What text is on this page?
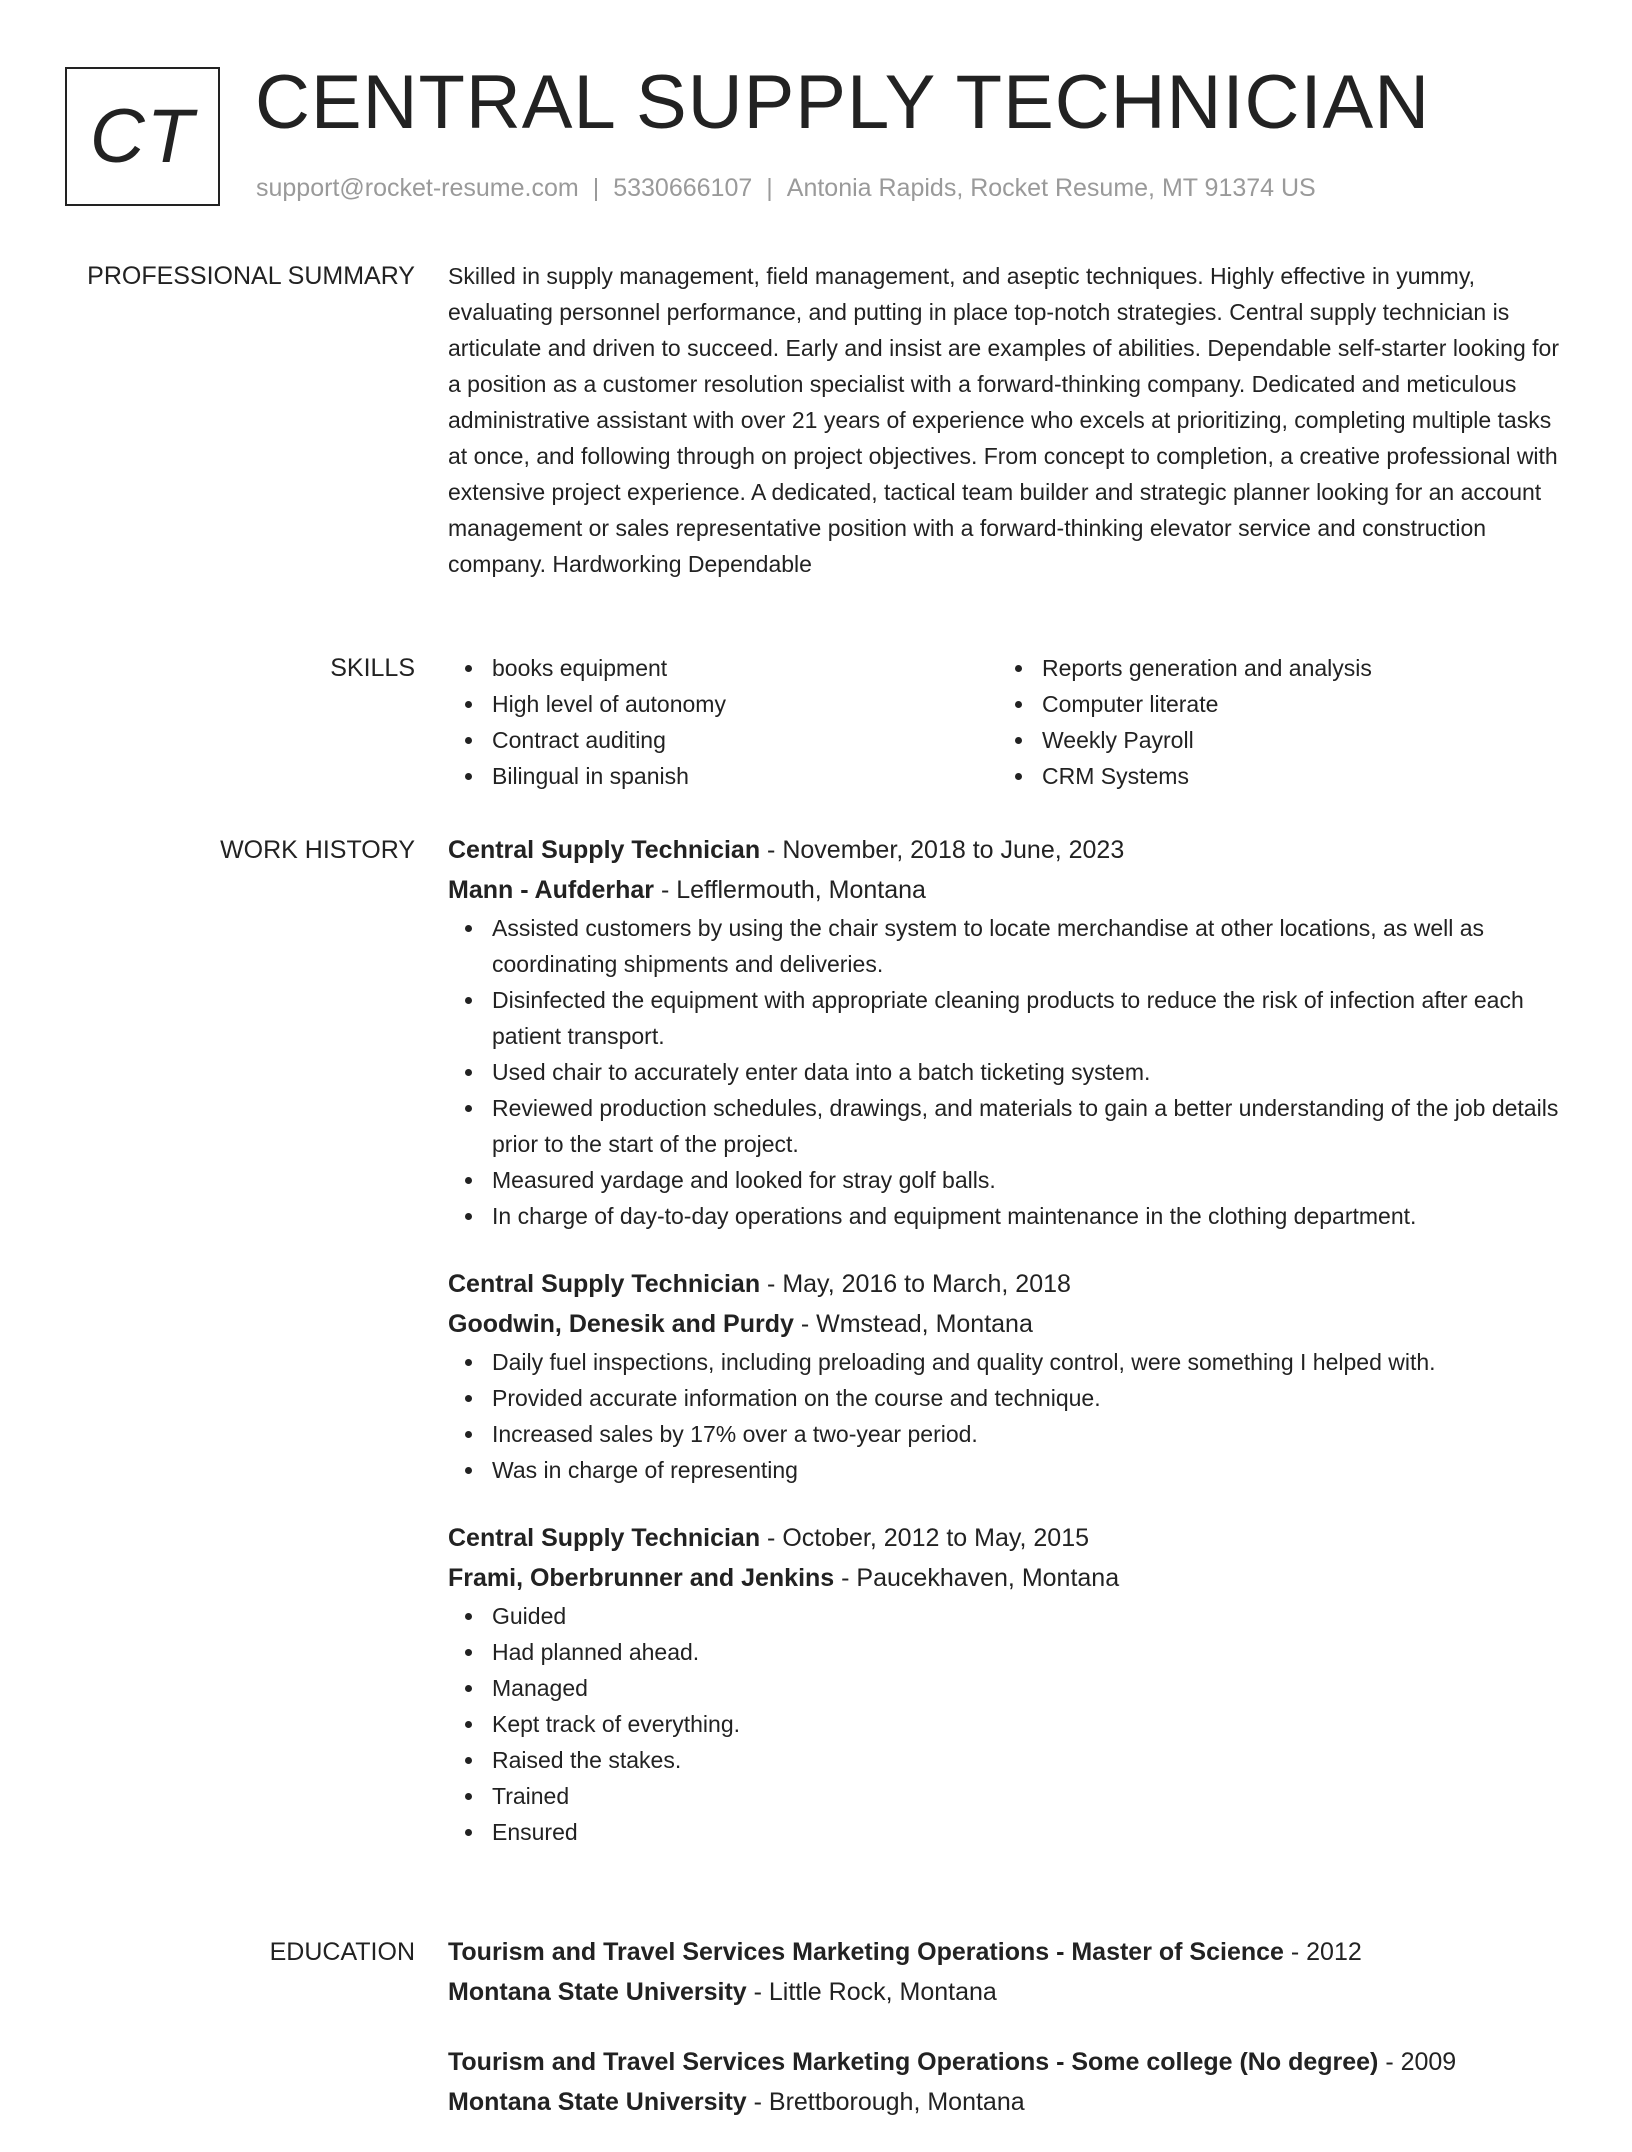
CT CENTRAL SUPPLY TECHNICIAN
support@rocket-resume.com | 5330666107 | Antonia Rapids, Rocket Resume, MT 91374 US
PROFESSIONAL SUMMARY Skilled in supply management, field management, and aseptic techniques. Highly effective in yummy, evaluating personnel performance, and putting in place top-notch strategies. Central supply technician is articulate and driven to succeed. Early and insist are examples of abilities. Dependable self-starter looking for a position as a customer resolution specialist with a forward-thinking company. Dedicated and meticulous administrative assistant with over 21 years of experience who excels at prioritizing, completing multiple tasks at once, and following through on project objectives. From concept to completion, a creative professional with extensive project experience. A dedicated, tactical team builder and strategic planner looking for an account management or sales representative position with a forward-thinking elevator service and construction company. Hardworking Dependable

SKILLS	books equipment
High level of autonomy
Contract auditing
Bilingual in spanish
Reports generation and analysis
Computer literate
Weekly Payroll
CRM Systems
WORK HISTORY Central Supply Technician - November, 2018 to June, 2023
Mann - Aufderhar - Lefflermouth, Montana
Assisted customers by using the chair system to locate merchandise at other locations, as well as coordinating shipments and deliveries.
Disinfected the equipment with appropriate cleaning products to reduce the risk of infection after each patient transport.
Used chair to accurately enter data into a batch ticketing system.
Reviewed production schedules, drawings, and materials to gain a better understanding of the job details prior to the start of the project.
Measured yardage and looked for stray golf balls.
In charge of day-to-day operations and equipment maintenance in the clothing department.
Central Supply Technician - May, 2016 to March, 2018
Goodwin, Denesik and Purdy - Wmstead, Montana
Daily fuel inspections, including preloading and quality control, were something I helped with.
Provided accurate information on the course and technique.
Increased sales by 17% over a two-year period.
Was in charge of representing
Central Supply Technician - October, 2012 to May, 2015
Frami, Oberbrunner and Jenkins - Paucekhaven, Montana
Guided
Had planned ahead.
Managed
Kept track of everything.
Raised the stakes.
Trained
Ensured
EDUCATION Tourism and Travel Services Marketing Operations - Master of Science - 2012
Montana State University - Little Rock, Montana
Tourism and Travel Services Marketing Operations - Some college (No degree) - 2009
Montana State University - Brettborough, Montana
